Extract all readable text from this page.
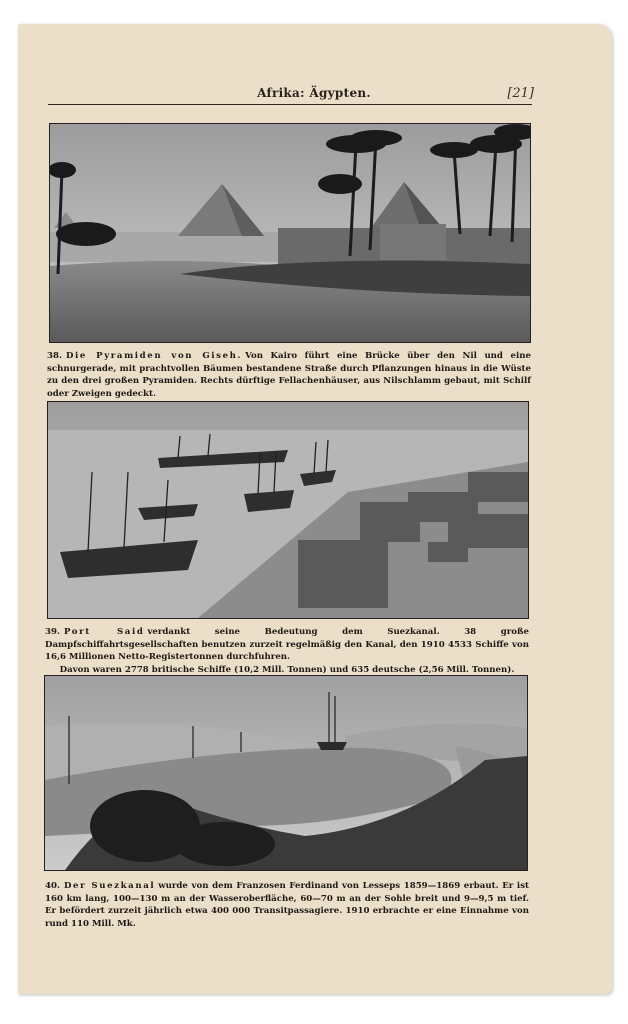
Afrika: Ägypten.	[21]

38. Die Pyramiden von Giseh. Von Kairo führt eine Brücke über den Nil und eine schnurgerade, mit prachtvollen Bäumen bestandene Straße durch Pflanzungen hinaus in die Wüste zu den drei großen Pyramiden. Rechts dürftige Fellachenhäuser, aus Nilschlamm gebaut, mit Schilf oder Zweigen gedeckt.

39. Port Said verdankt seine Bedeutung dem Suezkanal. 38 große Dampfschiffahrtsgesellschaften benutzen zurzeit regelmäßig den Kanal, den 1910 4533 Schiffe von 16,6 Millionen Netto-Registertonnen durchfuhren.
Davon waren 2778 britische Schiffe (10,2 Mill. Tonnen) und 635 deutsche (2,56 Mill. Tonnen).

40. Der Suezkanal wurde von dem Franzosen Ferdinand von Lesseps 1859—1869 erbaut. Er ist 160 km lang, 100—130 m an der Wasseroberfläche, 60—70 m an der Sohle breit und 9—9,5 m tief. Er befördert zurzeit jährlich etwa 400 000 Transitpassagiere. 1910 erbrachte er eine Einnahme von rund 110 Mill. Mk.
